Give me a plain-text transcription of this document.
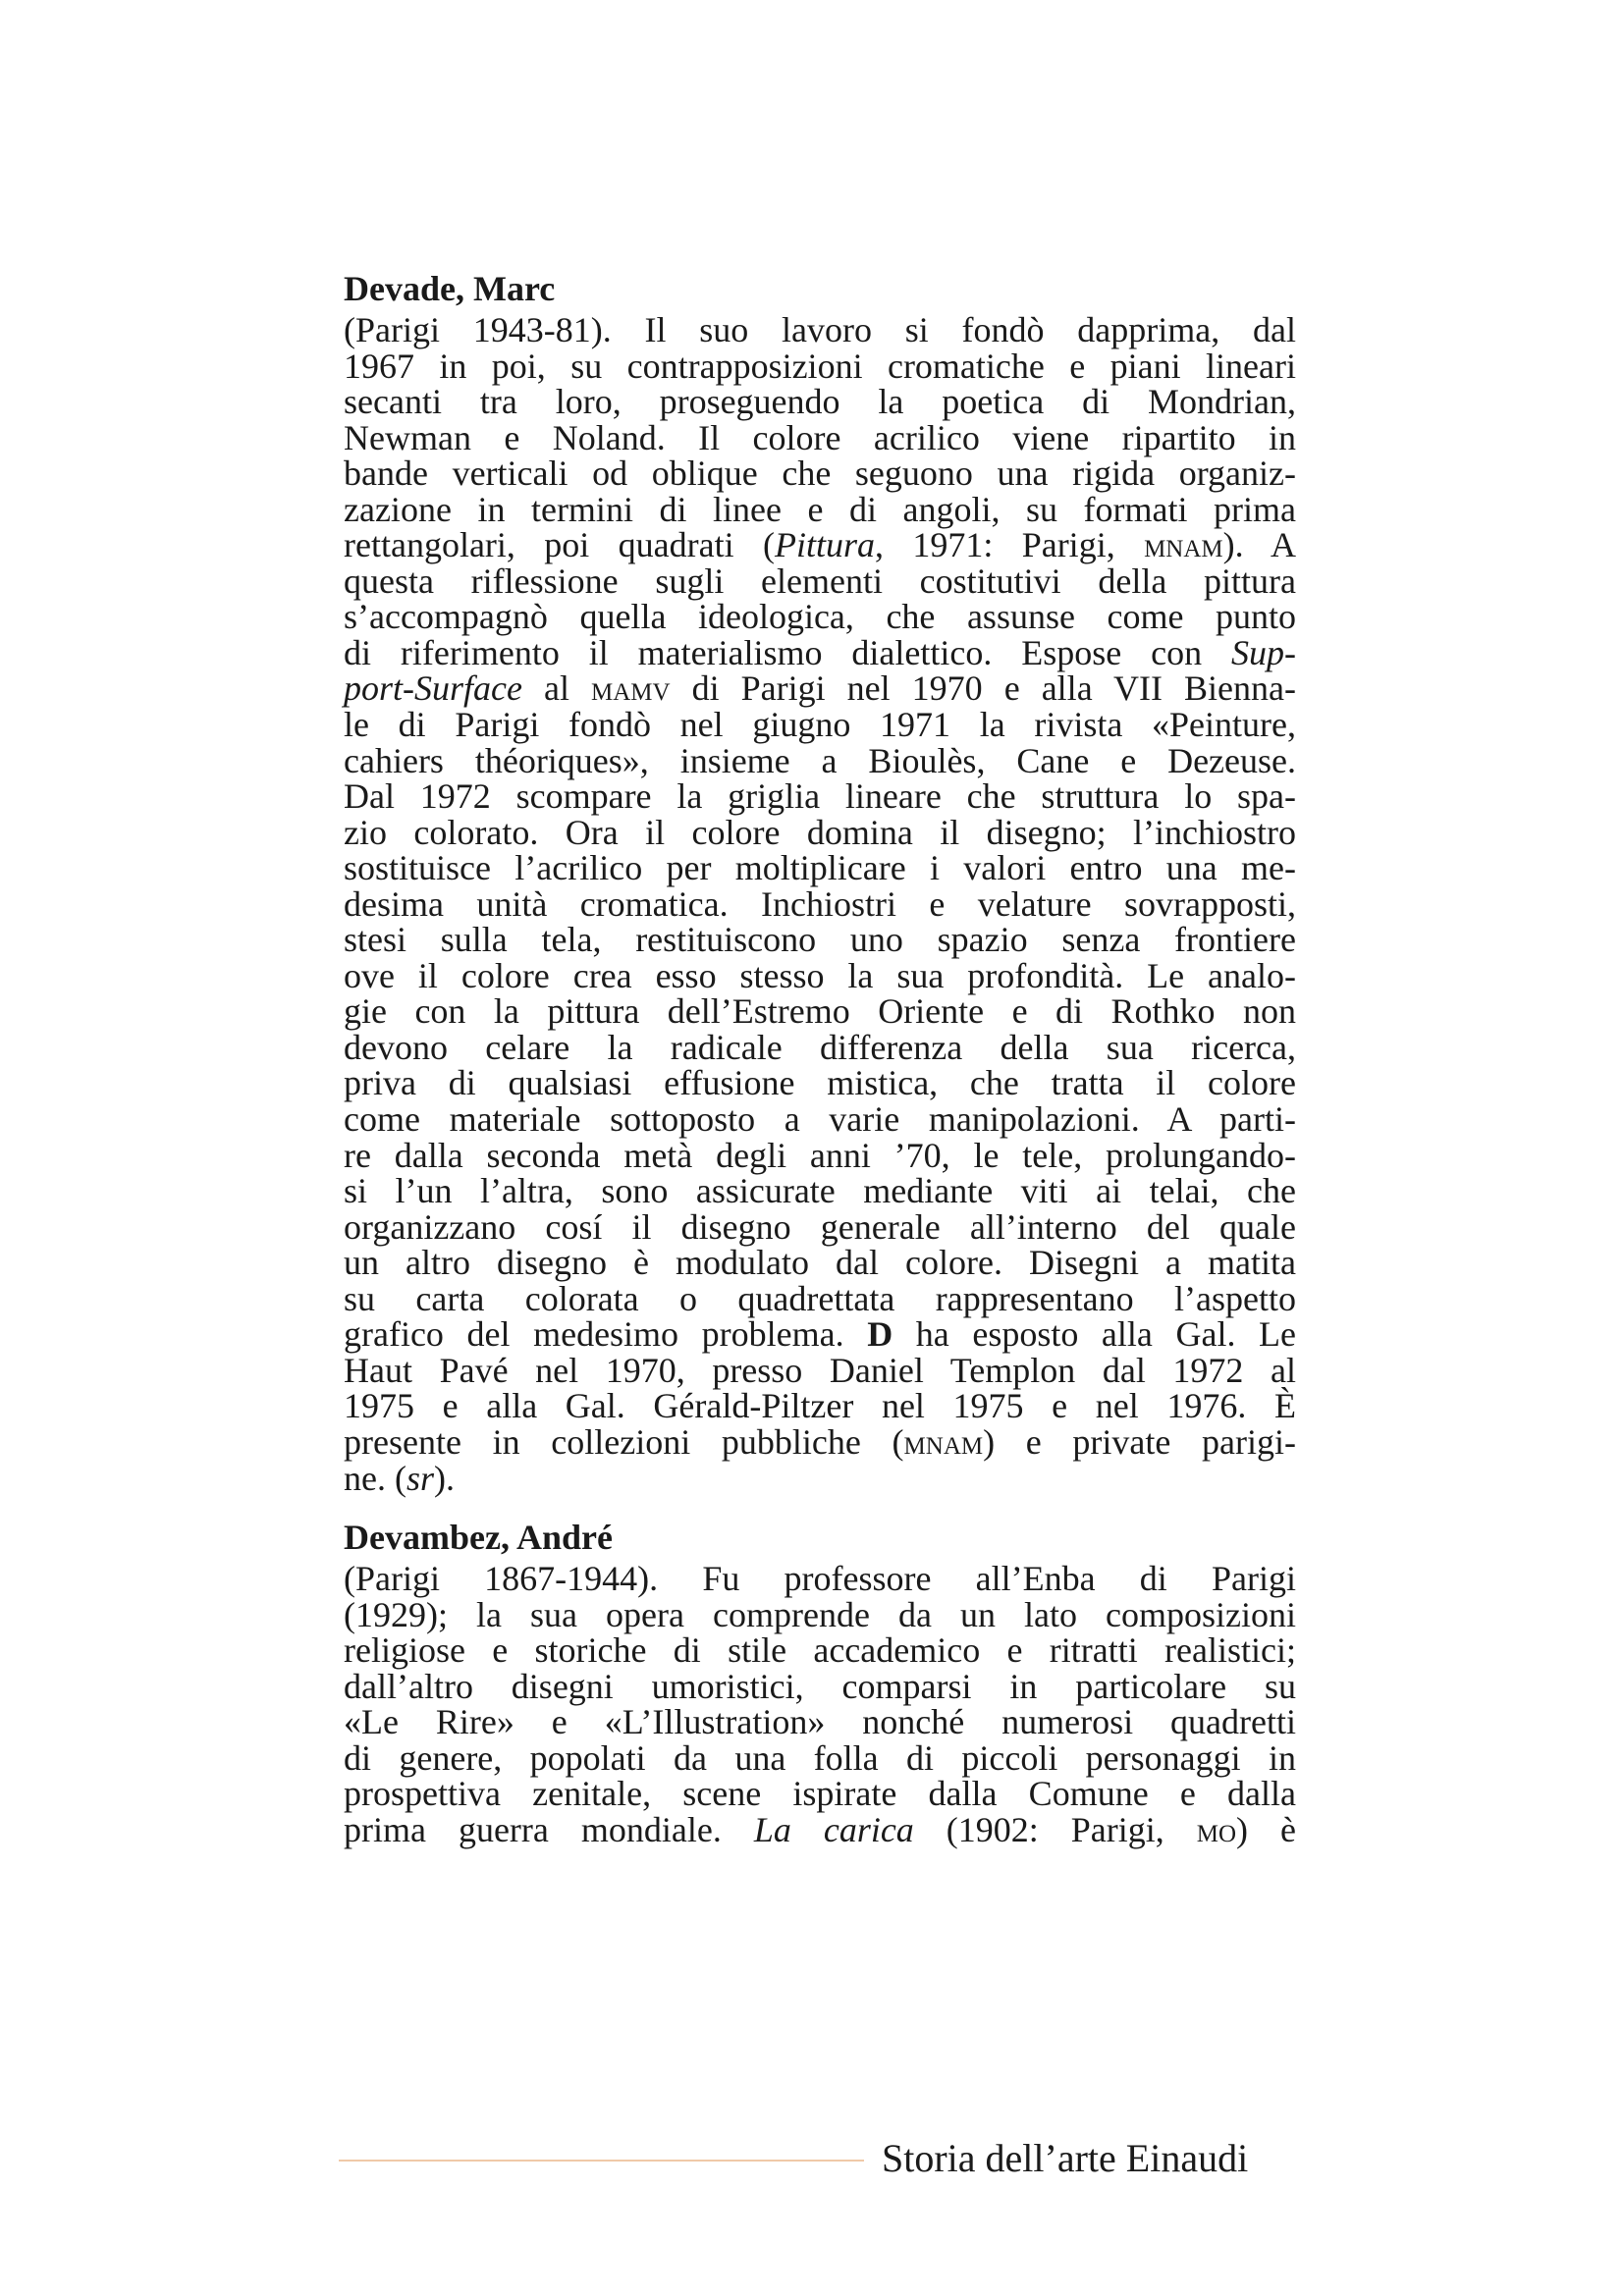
Devade, Marc
(Parigi 1943-81). Il suo lavoro si fondò dapprima, dal
1967 in poi, su contrapposizioni cromatiche e piani lineari
secanti tra loro, proseguendo la poetica di Mondrian,
Newman e Noland. Il colore acrilico viene ripartito in
bande verticali od oblique che seguono una rigida organiz-
zazione in termini di linee e di angoli, su formati prima
rettangolari, poi quadrati (Pittura, 1971: Parigi, mnam). A
questa riflessione sugli elementi costitutivi della pittura
s’accompagnò quella ideologica, che assunse come punto
di riferimento il materialismo dialettico. Espose con Sup-
port-Surface al mamv di Parigi nel 1970 e alla VII Bienna-
le di Parigi fondò nel giugno 1971 la rivista «Peinture,
cahiers théoriques», insieme a Bioulès, Cane e Dezeuse.
Dal 1972 scompare la griglia lineare che struttura lo spa-
zio colorato. Ora il colore domina il disegno; l’inchiostro
sostituisce l’acrilico per moltiplicare i valori entro una me-
desima unità cromatica. Inchiostri e velature sovrapposti,
stesi sulla tela, restituiscono uno spazio senza frontiere
ove il colore crea esso stesso la sua profondità. Le analo-
gie con la pittura dell’Estremo Oriente e di Rothko non
devono celare la radicale differenza della sua ricerca,
priva di qualsiasi effusione mistica, che tratta il colore
come materiale sottoposto a varie manipolazioni. A parti-
re dalla seconda metà degli anni ’70, le tele, prolungando-
si l’un l’altra, sono assicurate mediante viti ai telai, che
organizzano cosí il disegno generale all’interno del quale
un altro disegno è modulato dal colore. Disegni a matita
su carta colorata o quadrettata rappresentano l’aspetto
grafico del medesimo problema. D ha esposto alla Gal. Le
Haut Pavé nel 1970, presso Daniel Templon dal 1972 al
1975 e alla Gal. Gérald-Piltzer nel 1975 e nel 1976. È
presente in collezioni pubbliche (mnam) e private parigi-
ne. (sr).
Devambez, André
(Parigi 1867-1944). Fu professore all’Enba di Parigi
(1929); la sua opera comprende da un lato composizioni
religiose e storiche di stile accademico e ritratti realistici;
dall’altro disegni umoristici, comparsi in particolare su
«Le Rire» e «L’Illustration» nonché numerosi quadretti
di genere, popolati da una folla di piccoli personaggi in
prospettiva zenitale, scene ispirate dalla Comune e dalla
prima guerra mondiale. La carica (1902: Parigi, mo) è
Storia dell’arte Einaudi
